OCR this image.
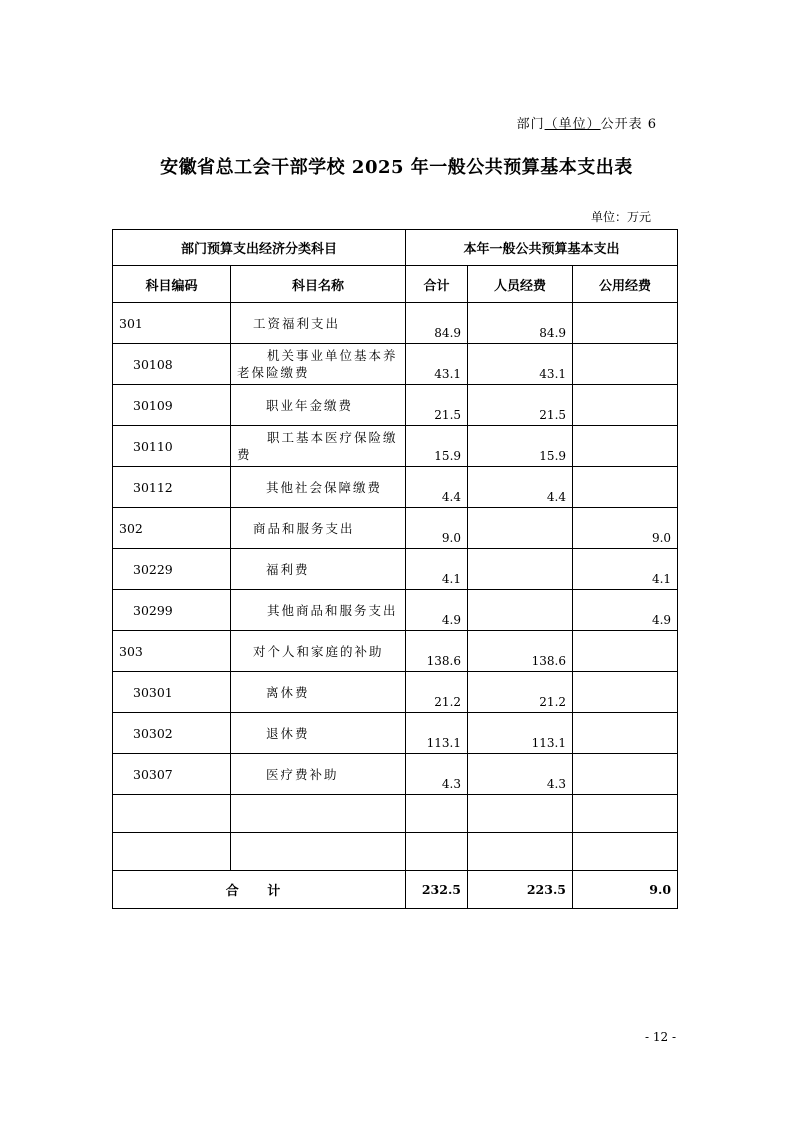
部门（单位）公开表 6
安徽省总工会干部学校 2025 年一般公共预算基本支出表
单位：万元
部门预算支出经济分类科目		本年一般公共预算基本支出		
科目编码	科目名称	合计	人员经费	公用经费
301	工资福利支出	84.9	84.9	
30108	机关事业单位基本养老保险缴费	43.1	43.1	
30109	职业年金缴费	21.5	21.5	
30110	职工基本医疗保险缴费	15.9	15.9	
30112	其他社会保障缴费	4.4	4.4	
302	商品和服务支出	9.0		9.0
30229	福利费	4.1		4.1
30299	其他商品和服务支出	4.9		4.9
303	对个人和家庭的补助	138.6	138.6	
30301	离休费	21.2	21.2	
30302	退休费	113.1	113.1	
30307	医疗费补助	4.3	4.3	

合 计		232.5	223.5	9.0
- 12 -
